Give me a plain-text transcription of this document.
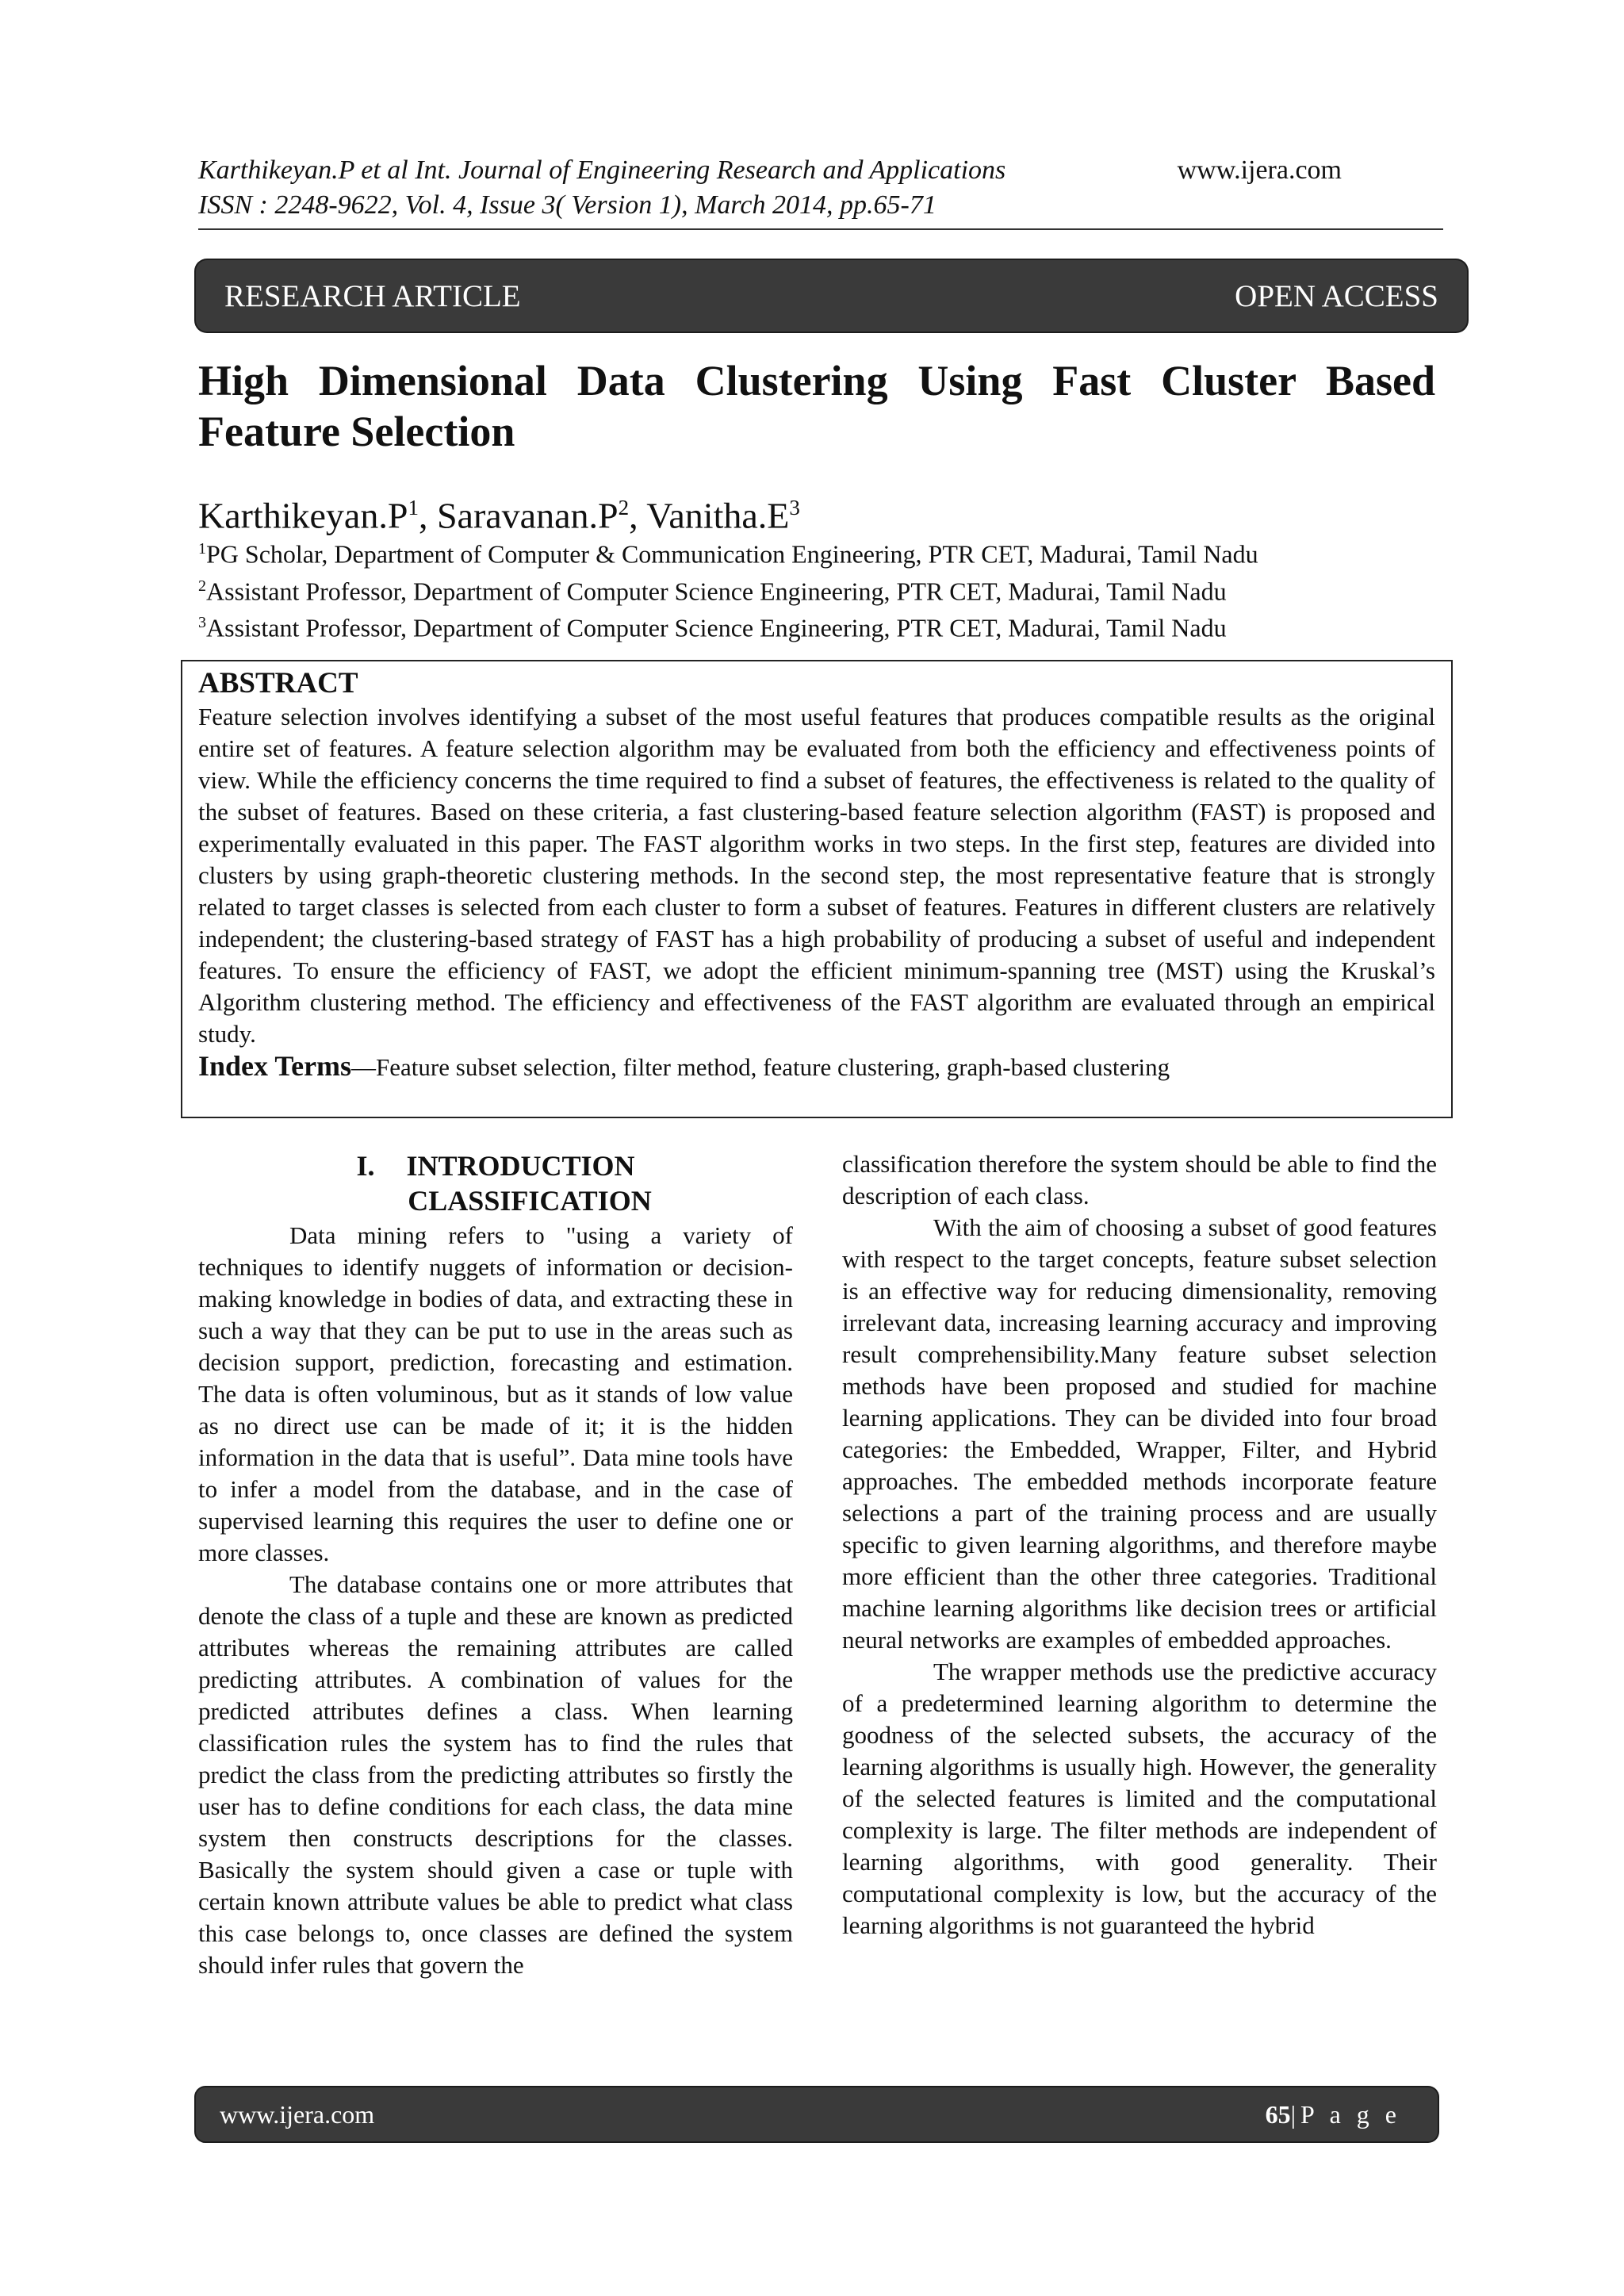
Karthikeyan.P et al Int. Journal of Engineering Research and Applications	www.ijera.com
ISSN : 2248-9622, Vol. 4, Issue 3( Version 1), March 2014, pp.65-71
RESEARCH ARTICLE	OPEN ACCESS
High Dimensional Data Clustering Using Fast Cluster Based Feature Selection
$Karthikeyan.P^1$, $Saravanan.P^2$, $Vanitha.E^3$
$^1$PG Scholar, Department of Computer & Communication Engineering, PTR CET, Madurai, Tamil Nadu
$^2$Assistant Professor, Department of Computer Science Engineering, PTR CET, Madurai, Tamil Nadu
$^3$Assistant Professor, Department of Computer Science Engineering, PTR CET, Madurai, Tamil Nadu
ABSTRACT

Feature selection involves identifying a subset of the most useful features that produces compatible results as the original entire set of features. A feature selection algorithm may be evaluated from both the efficiency and effectiveness points of view. While the efficiency concerns the time required to find a subset of features, the effectiveness is related to the quality of the subset of features. Based on these criteria, a fast clustering-based feature selection algorithm (FAST) is proposed and experimentally evaluated in this paper. The FAST algorithm works in two steps. In the first step, features are divided into clusters by using graph-theoretic clustering methods. In the second step, the most representative feature that is strongly related to target classes is selected from each cluster to form a subset of features. Features in different clusters are relatively independent; the clustering-based strategy of FAST has a high probability of producing a subset of useful and independent features. To ensure the efficiency of FAST, we adopt the efficient minimum-spanning tree (MST) using the Kruskal’s Algorithm clustering method. The efficiency and effectiveness of the FAST algorithm are evaluated through an empirical study.

Index Terms—Feature subset selection, filter method, feature clustering, graph-based clustering

I. INTRODUCTION
CLASSIFICATION

Data mining refers to "using a variety of techniques to identify nuggets of information or decision-making knowledge in bodies of data, and extracting these in such a way that they can be put to use in the areas such as decision support, prediction, forecasting and estimation. The data is often voluminous, but as it stands of low value as no direct use can be made of it; it is the hidden information in the data that is useful”. Data mine tools have to infer a model from the database, and in the case of supervised learning this requires the user to define one or more classes.

The database contains one or more attributes that denote the class of a tuple and these are known as predicted attributes whereas the remaining attributes are called predicting attributes. A combination of values for the predicted attributes defines a class. When learning classification rules the system has to find the rules that predict the class from the predicting attributes so firstly the user has to define conditions for each class, the data mine system then constructs descriptions for the classes. Basically the system should given a case or tuple with certain known attribute values be able to predict what class this case belongs to, once classes are defined the system should infer rules that govern the

classification therefore the system should be able to find the description of each class.

With the aim of choosing a subset of good features with respect to the target concepts, feature subset selection is an effective way for reducing dimensionality, removing irrelevant data, increasing learning accuracy and improving result comprehensibility.Many feature subset selection methods have been proposed and studied for machine learning applications. They can be divided into four broad categories: the Embedded, Wrapper, Filter, and Hybrid approaches. The embedded methods incorporate feature selections a part of the training process and are usually specific to given learning algorithms, and therefore maybe more efficient than the other three categories. Traditional machine learning algorithms like decision trees or artificial neural networks are examples of embedded approaches.

The wrapper methods use the predictive accuracy of a predetermined learning algorithm to determine the goodness of the selected subsets, the accuracy of the learning algorithms is usually high. However, the generality of the selected features is limited and the computational complexity is large. The filter methods are independent of learning algorithms, with good generality. Their computational complexity is low, but the accuracy of the learning algorithms is not guaranteed the hybrid

www.ijera.com	65|P a g e
